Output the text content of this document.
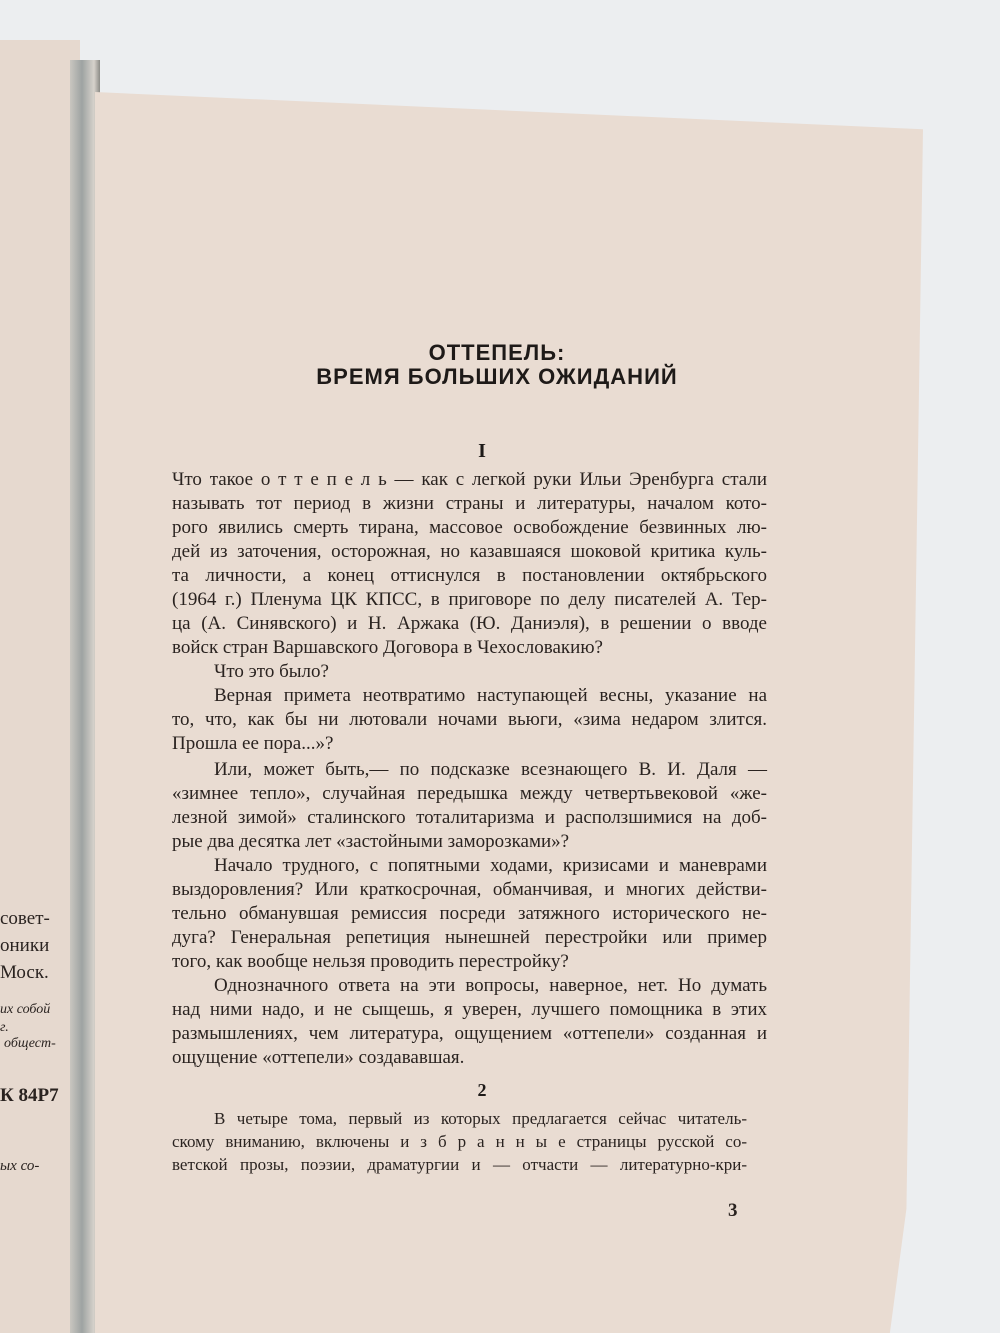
совет-
оники
Моск.
их собой
г.
общест-
К 84Р7
ых со-
ОТТЕПЕЛЬ:
ВРЕМЯ БОЛЬШИХ ОЖИДАНИЙ
I
Что такое о т т е п е л ь — как с легкой руки Ильи Эренбурга стали
называть тот период в жизни страны и литературы, началом кото-
рого явились смерть тирана, массовое освобождение безвинных лю-
дей из заточения, осторожная, но казавшаяся шоковой критика куль-
та личности, а конец оттиснулся в постановлении октябрьского
(1964 г.) Пленума ЦК КПСС, в приговоре по делу писателей А. Тер-
ца (А. Синявского) и Н. Аржака (Ю. Даниэля), в решении о вводе
войск стран Варшавского Договора в Чехословакию?
Что это было?
Верная примета неотвратимо наступающей весны, указание на
то, что, как бы ни лютовали ночами вьюги, «зима недаром злится.
Прошла ее пора...»?
Или, может быть,— по подсказке всезнающего В. И. Даля —
«зимнее тепло», случайная передышка между четвертьвековой «же-
лезной зимой» сталинского тоталитаризма и расползшимися на доб-
рые два десятка лет «застойными заморозками»?
Начало трудного, с попятными ходами, кризисами и маневрами
выздоровления? Или краткосрочная, обманчивая, и многих действи-
тельно обманувшая ремиссия посреди затяжного исторического не-
дуга? Генеральная репетиция нынешней перестройки или пример
того, как вообще нельзя проводить перестройку?
Однозначного ответа на эти вопросы, наверное, нет. Но думать
над ними надо, и не сыщешь, я уверен, лучшего помощника в этих
размышлениях, чем литература, ощущением «оттепели» созданная и
ощущение «оттепели» создававшая.
2
В четыре тома, первый из которых предлагается сейчас читатель-
скому вниманию, включены и з б р а н н ы е страницы русской со-
ветской прозы, поэзии, драматургии и — отчасти — литературно-кри-
3
